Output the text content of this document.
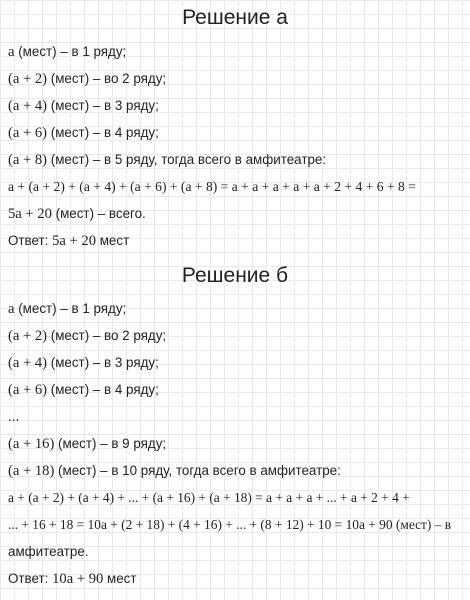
Решение а
a (мест) – в 1 ряду;
(a + 2) (мест) – во 2 ряду;
(a + 4) (мест) – в 3 ряду;
(a + 6) (мест) – в 4 ряду;
(a + 8) (мест) – в 5 ряду, тогда всего в амфитеатре:
a + (a + 2) + (a + 4) + (a + 6) + (a + 8) = a + a + a + a + a + 2 + 4 + 6 + 8 =
5a + 20 (мест) – всего.
Ответ: 5a + 20 мест
Решение б
a (мест) – в 1 ряду;
(a + 2) (мест) – во 2 ряду;
(a + 4) (мест) – в 3 ряду;
(a + 6) (мест) – в 4 ряду;
...
(a + 16) (мест) – в 9 ряду;
(a + 18) (мест) – в 10 ряду, тогда всего в амфитеатре:
a + (a + 2) + (a + 4) + ... + (a + 16) + (a + 18) = a + a + a + ... + a + 2 + 4 +
... + 16 + 18 = 10a + (2 + 18) + (4 + 16) + ... + (8 + 12) + 10 = 10a + 90 (мест) – в
амфитеатре.
Ответ: 10a + 90 мест
